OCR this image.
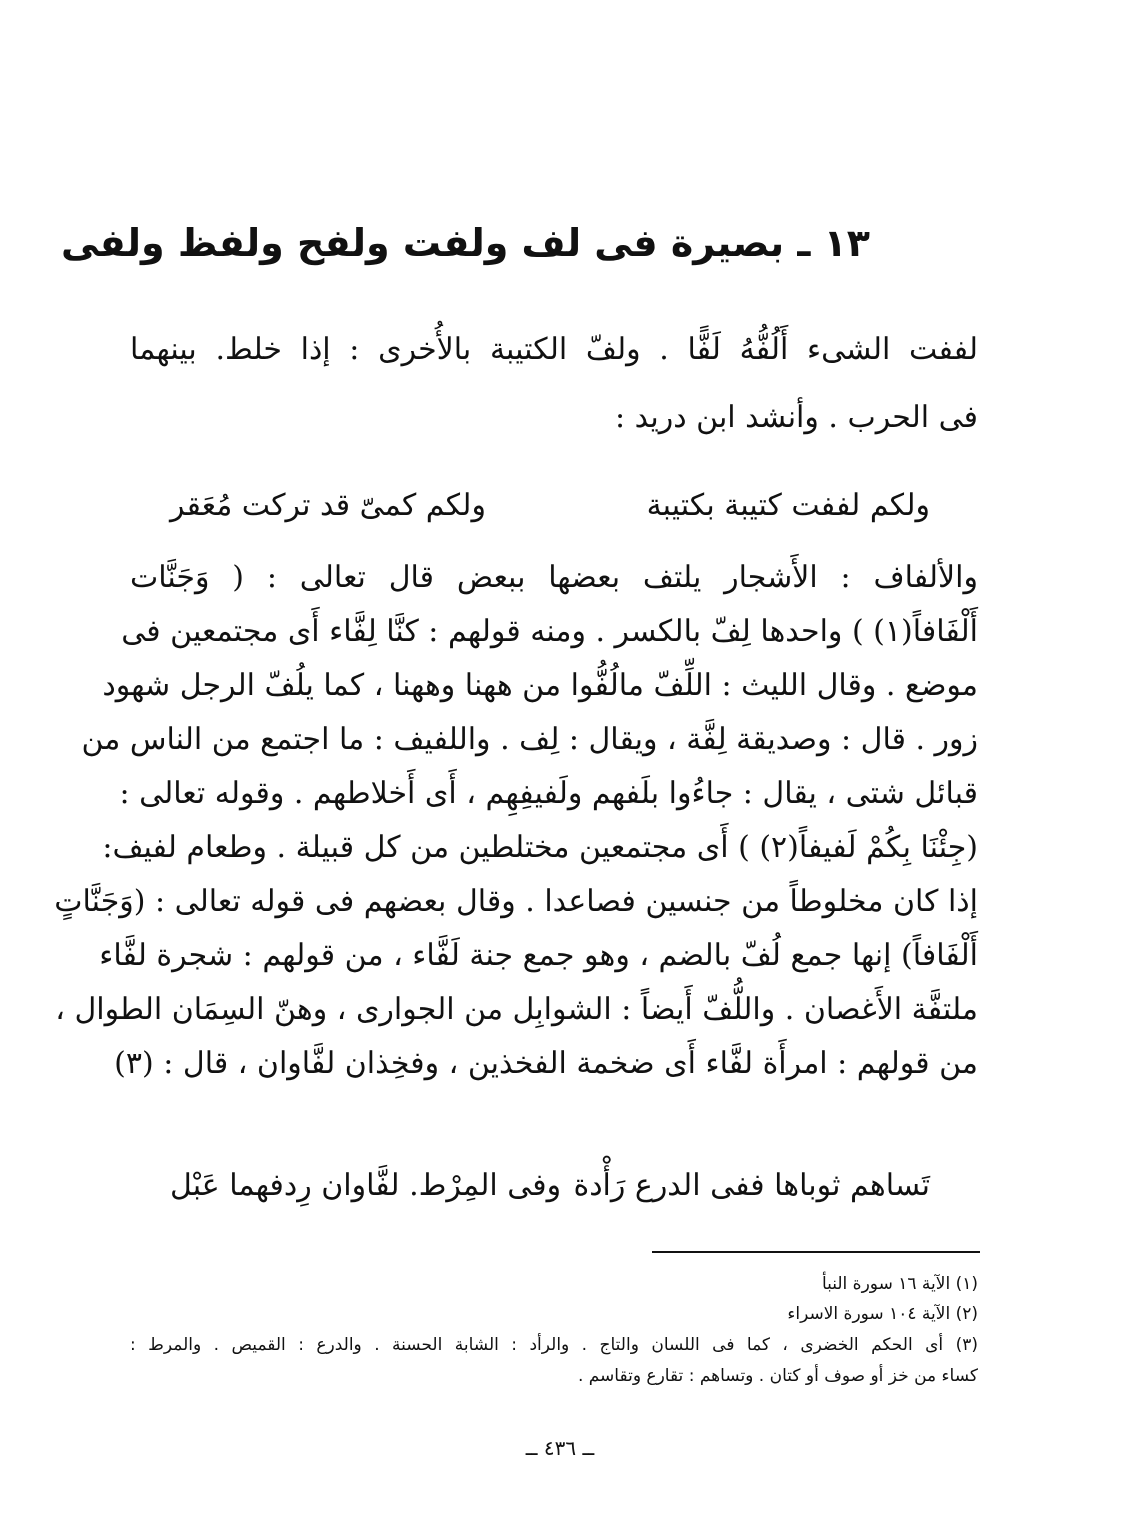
١٣ ـ بصيرة فى لف ولفت ولفح ولفظ ولفى
لففت الشىء أَلُفُّهُ لَفًّا . ولفّ الكتيبة بالأُخرى : إذا خلط. بينهما
فى الحرب . وأنشد ابن دريد :
ولكم لففت كتيبة بكتيبة
ولكم كمىّ قد تركت مُعَقر
والألفاف : الأَشجار يلتف بعضها ببعض قال تعالى : ( وَجَنَّات
أَلْفَافاً(١) ) واحدها لِفّ بالكسر . ومنه قولهم : كنَّا لِفَّاء أَى مجتمعين فى
موضع . وقال الليث : اللِّفّ مالُفُّوا من ههنا وههنا ، كما يلُفّ الرجل شهود
زور . قال : وصديقة لِفَّة ، ويقال : لِف . واللفيف : ما اجتمع من الناس من
قبائل شتى ، يقال : جاءُوا بلَفهم ولَفيفِهِم ، أَى أَخلاطهم . وقوله تعالى :
(جِئْنَا بِكُمْ لَفيفاً(٢) ) أَى مجتمعين مختلطين من كل قبيلة . وطعام لفيف:
إذا كان مخلوطاً من جنسين فصاعدا . وقال بعضهم فى قوله تعالى : (وَجَنَّاتٍ
أَلْفَافاً) إنها جمع لُفّ بالضم ، وهو جمع جنة لَفَّاء ، من قولهم : شجرة لفَّاء
ملتفَّة الأَغصان . واللُّفّ أَيضاً : الشوابِل من الجوارى ، وهنّ السِمَان الطوال ،
من قولهم : امرأَة لفَّاء أَى ضخمة الفخذين ، وفخِذان لفَّاوان ، قال : (٣)
تَساهم ثوباها ففى الدرع رَأْدة
وفى المِرْط. لفَّاوان رِدفهما عَبْل
(١) الآية ١٦ سورة النبأ
(٢) الآية ١٠٤ سورة الاسراء
(٣) أى الحكم الخضرى ، كما فى اللسان والتاج . والرأد : الشابة الحسنة . والدرع : القميص . والمرط :
كساء من خز أو صوف أو كتان . وتساهم : تقارع وتقاسم .
ــ ٤٣٦ ــ
